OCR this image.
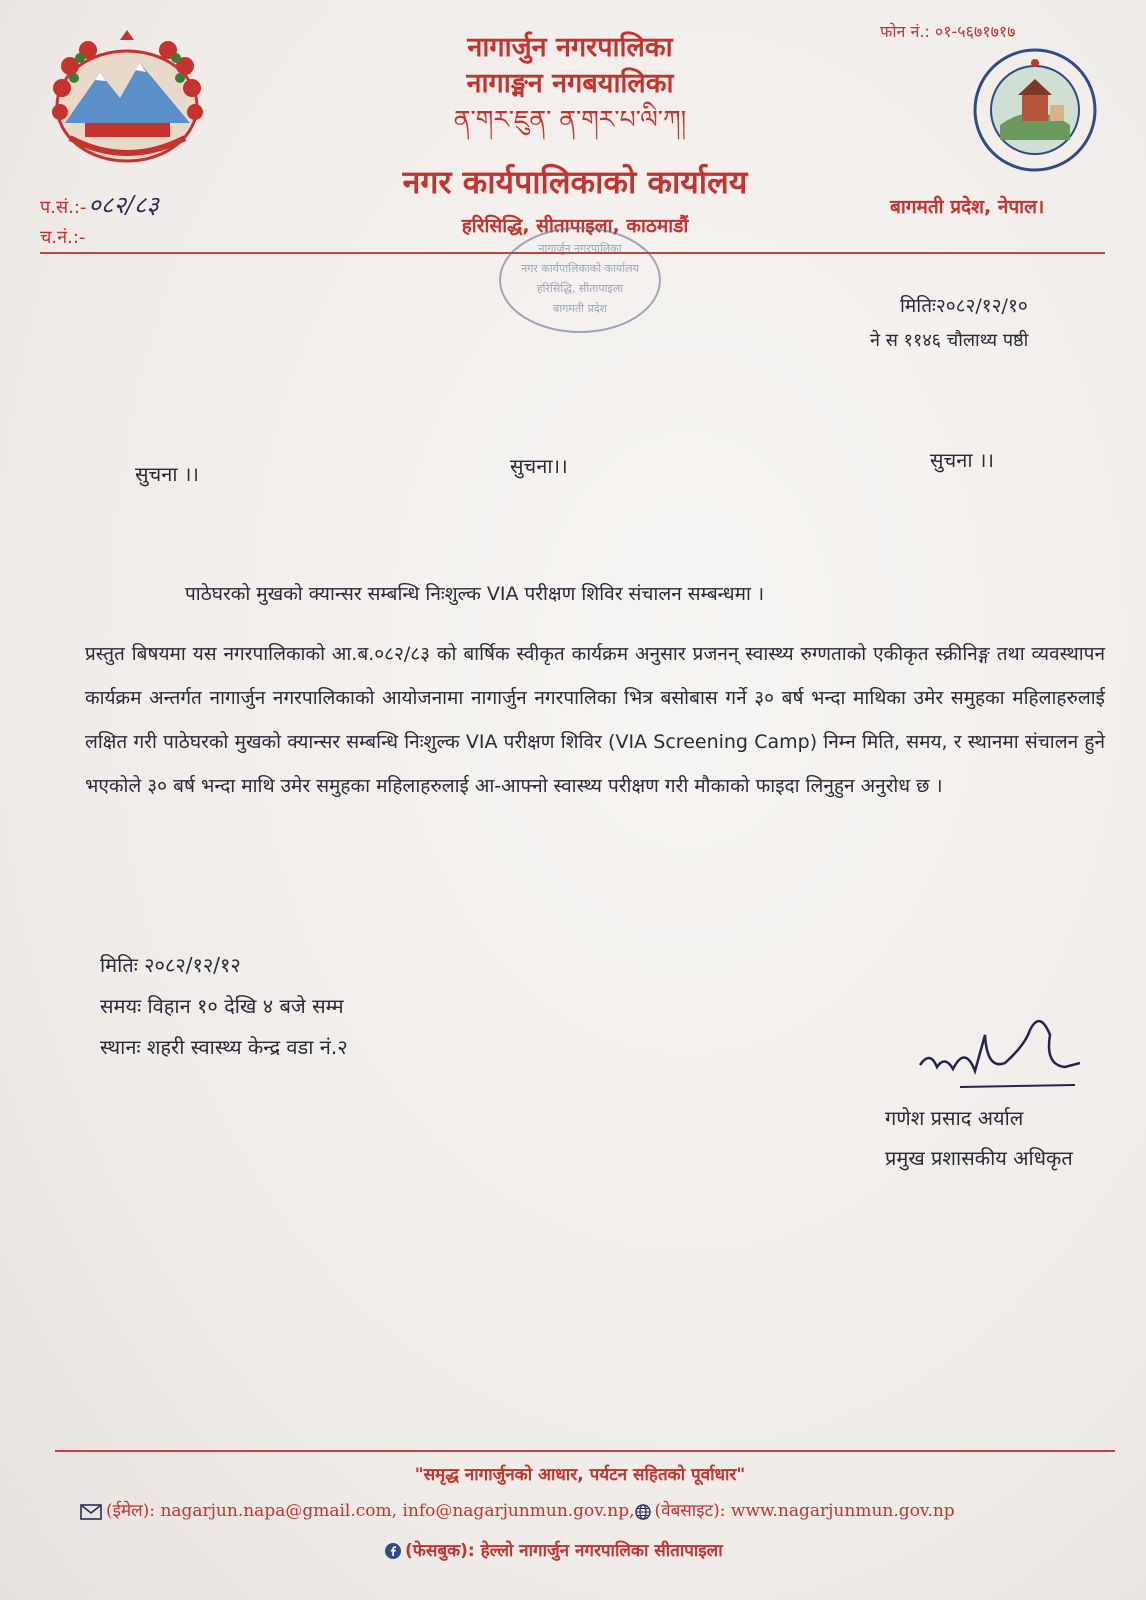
नागार्जुन नगरपालिका
नागाङ्मन नगबयालिका
ན་གར་ཇུན་ ན་གར་པ་ལི་ཀ།
नगर कार्यपालिकाको कार्यालय
हरिसिद्धि, सीतापाइला, काठमाडौं
फोन नं.: ०१-५६७१७१७
बागमती प्रदेश, नेपाल।
प.सं.:-०८२/८३
च.नं.:-
नागार्जुन नगरपालिका
नगर कार्यपालिकाको कार्यालय
हरिसिद्धि, सीतापाइला
बागमती प्रदेश	मितिः२०८२/१२/१०
ने स ११४६ चौलाथ्य पष्ठी
सुचना ।।	सुचना।।	सुचना ।।
पाठेघरको मुखको क्यान्सर सम्बन्धि निःशुल्क VIA परीक्षण शिविर संचालन सम्बन्धमा ।
प्रस्तुत बिषयमा यस नगरपालिकाको आ.ब.०८२/८३ को बार्षिक स्वीकृत कार्यक्रम अनुसार प्रजनन् स्वास्थ्य रुग्णताको एकीकृत स्क्रीनिङ्ग तथा व्यवस्थापन कार्यक्रम अन्तर्गत नागार्जुन नगरपालिकाको आयोजनामा नागार्जुन नगरपालिका भित्र बसोबास गर्ने ३० बर्ष भन्दा माथिका उमेर समुहका महिलाहरुलाई लक्षित गरी पाठेघरको मुखको क्यान्सर सम्बन्धि निःशुल्क VIA परीक्षण शिविर (VIA Screening Camp) निम्न मिति, समय, र स्थानमा संचालन हुने भएकोले ३० बर्ष भन्दा माथि उमेर समुहका महिलाहरुलाई आ-आफ्नो स्वास्थ्य परीक्षण गरी मौकाको फाइदा लिनुहुन अनुरोध छ ।
मितिः २०८२/१२/१२
समयः विहान १० देखि ४ बजे सम्म
स्थानः शहरी स्वास्थ्य केन्द्र वडा नं.२
गणेश प्रसाद अर्याल
प्रमुख प्रशासकीय अधिकृत
"समृद्ध नागार्जुनको आधार, पर्यटन सहितको पूर्वाधार"
(ईमेल): nagarjun.napa@gmail.com, info@nagarjunmun.gov.np, (वेबसाइट): www.nagarjunmun.gov.np
(फेसबुक): हेल्लो नागार्जुन नगरपालिका सीतापाइला
